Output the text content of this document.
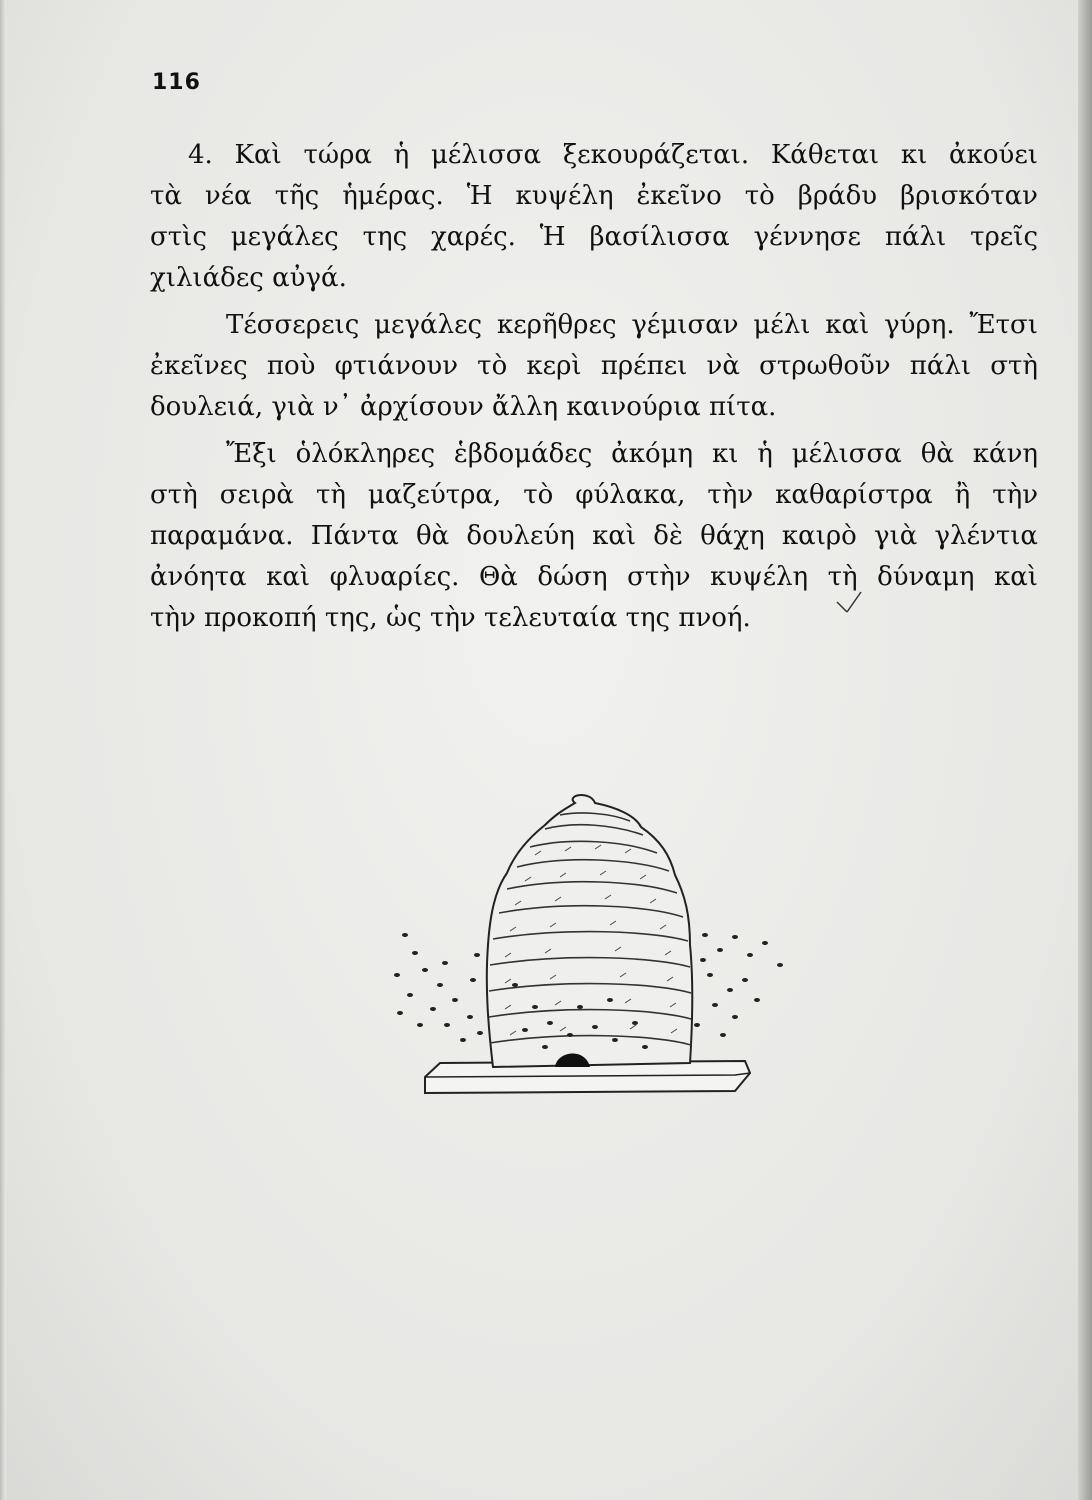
116

4. Καὶ τώρα ἡ μέλισσα ξεκουράζεται. Κάθεται κι ἀκούει
τὰ νέα τῆς ἡμέρας. Ἡ κυψέλη ἐκεῖνο τὸ βράδυ βρισκόταν
στὶς μεγάλες της χαρές. Ἡ βασίλισσα γέννησε πάλι τρεῖς
χιλιάδες αὐγά.

Τέσσερεις μεγάλες κερῆθρες γέμισαν μέλι καὶ γύρη. Ἔτσι
ἐκεῖνες ποὺ φτιάνουν τὸ κερὶ πρέπει νὰ στρωθοῦν πάλι στὴ
δουλειά, γιὰ ν᾽ ἀρχίσουν ἄλλη καινούρια πίτα.

Ἔξι ὁλόκληρες ἑβδομάδες ἀκόμη κι ἡ μέλισσα θὰ κάνη
στὴ σειρὰ τὴ μαζεύτρα, τὸ φύλακα, τὴν καθαρίστρα ἢ τὴν
παραμάνα. Πάντα θὰ δουλεύη καὶ δὲ θάχη καιρὸ γιὰ γλέντια
ἀνόητα καὶ φλυαρίες. Θὰ δώση στὴν κυψέλη τὴ δύναμη καὶ
τὴν προκοπή της, ὡς τὴν τελευταία της πνοή.
